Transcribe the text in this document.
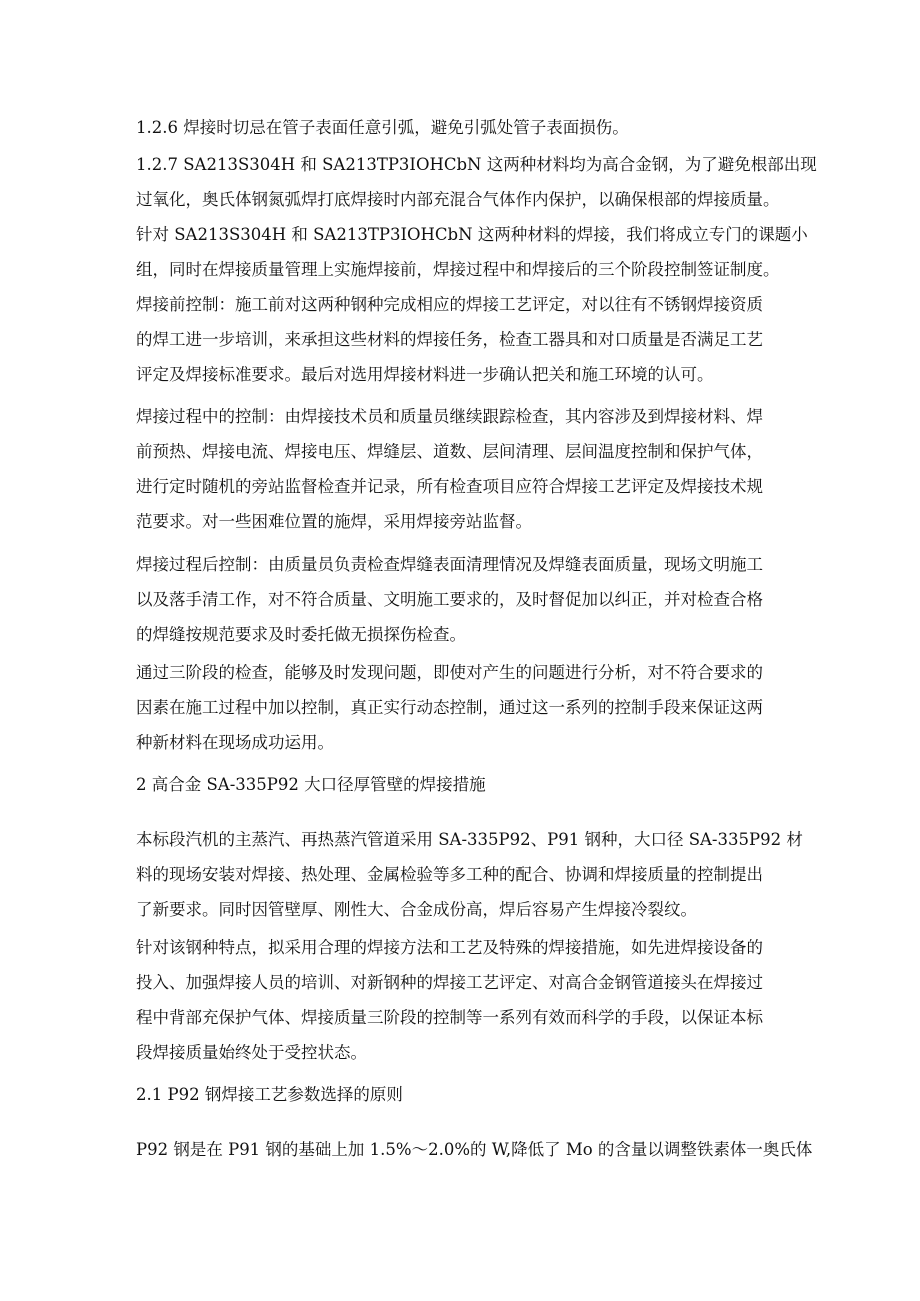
1.2.6 焊接时切忌在管子表面任意引弧，避免引弧处管子表面损伤。
1.2.7 SA213S304H 和 SA213TP3IOHCbN 这两种材料均为高合金钢，为了避免根部出现
过氧化，奥氏体钢氮弧焊打底焊接时内部充混合气体作内保护，以确保根部的焊接质量。
针对 SA213S304H 和 SA213TP3IOHCbN 这两种材料的焊接，我们将成立专门的课题小
组，同时在焊接质量管理上实施焊接前，焊接过程中和焊接后的三个阶段控制签证制度。
焊接前控制：施工前对这两种钢种完成相应的焊接工艺评定，对以往有不锈钢焊接资质
的焊工进一步培训，来承担这些材料的焊接任务，检查工器具和对口质量是否满足工艺
评定及焊接标准要求。最后对选用焊接材料进一步确认把关和施工环境的认可。
焊接过程中的控制：由焊接技术员和质量员继续跟踪检查，其内容涉及到焊接材料、焊
前预热、焊接电流、焊接电压、焊缝层、道数、层间清理、层间温度控制和保护气体，
进行定时随机的旁站监督检查并记录，所有检查项目应符合焊接工艺评定及焊接技术规
范要求。对一些困难位置的施焊，采用焊接旁站监督。
焊接过程后控制：由质量员负责检查焊缝表面清理情况及焊缝表面质量，现场文明施工
以及落手清工作，对不符合质量、文明施工要求的，及时督促加以纠正，并对检查合格
的焊缝按规范要求及时委托做无损探伤检查。
通过三阶段的检查，能够及时发现问题，即使对产生的问题进行分析，对不符合要求的
因素在施工过程中加以控制，真正实行动态控制，通过这一系列的控制手段来保证这两
种新材料在现场成功运用。
2 高合金 SA-335P92 大口径厚管壁的焊接措施
本标段汽机的主蒸汽、再热蒸汽管道采用 SA-335P92、P91 钢种，大口径 SA-335P92 材
料的现场安装对焊接、热处理、金属检验等多工种的配合、协调和焊接质量的控制提出
了新要求。同时因管壁厚、刚性大、合金成份高，焊后容易产生焊接冷裂纹。
针对该钢种特点，拟采用合理的焊接方法和工艺及特殊的焊接措施，如先进焊接设备的
投入、加强焊接人员的培训、对新钢种的焊接工艺评定、对高合金钢管道接头在焊接过
程中背部充保护气体、焊接质量三阶段的控制等一系列有效而科学的手段，以保证本标
段焊接质量始终处于受控状态。
2.1 P92 钢焊接工艺参数选择的原则
P92 钢是在 P91 钢的基础上加 1.5%～2.0%的 W,降低了 Mo 的含量以调整铁素体一奥氏体
